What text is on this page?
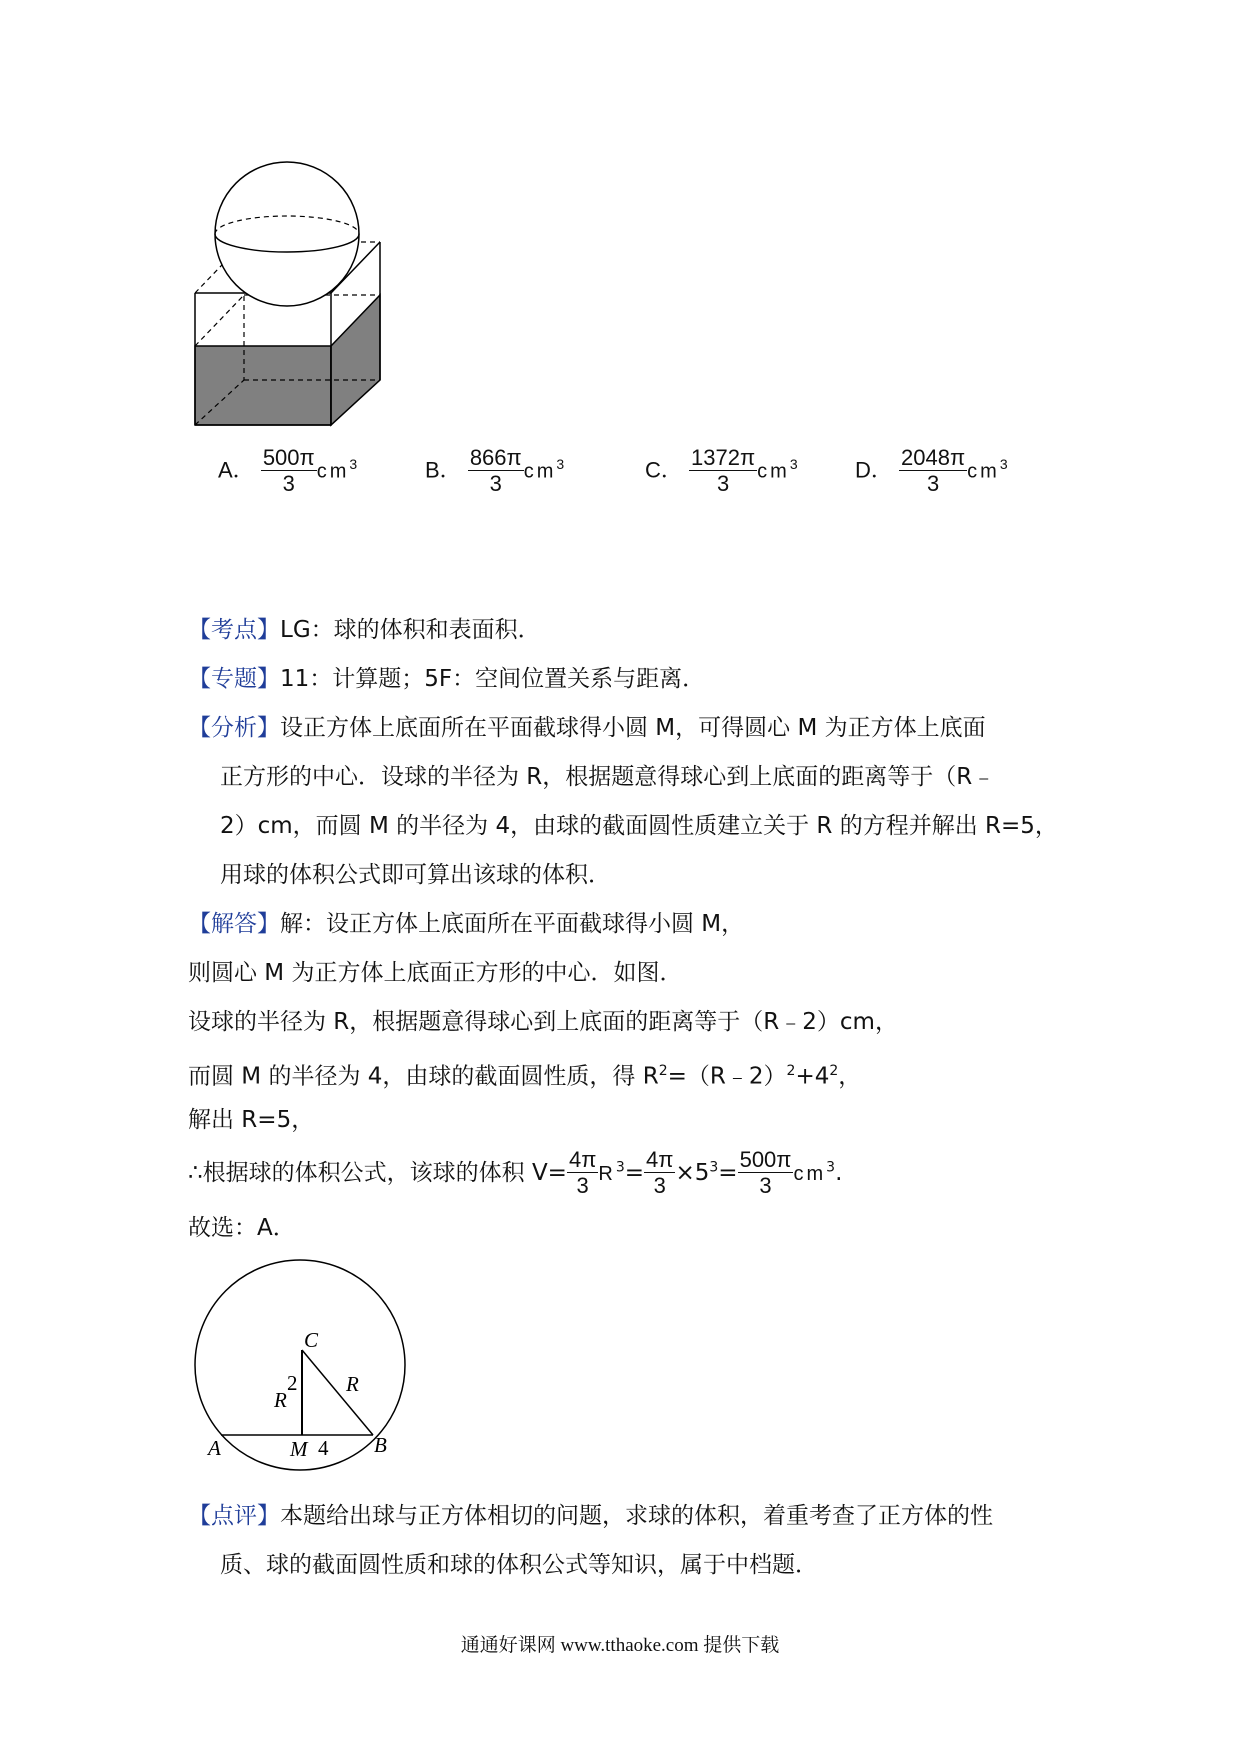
A． $\frac{500\pi}{3} cm^3$	B． $\frac{866\pi}{3} cm^3$	C． $\frac{1372\pi}{3} cm^3$	D． $\frac{2048\pi}{3} cm^3$
【考点】LG：球的体积和表面积．
【专题】11：计算题；5F：空间位置关系与距离．
【分析】设正方体上底面所在平面截球得小圆 M，可得圆心 M 为正方体上底面
正方形的中心．设球的半径为 R，根据题意得球心到上底面的距离等于（R﹣
2）cm，而圆 M 的半径为 4，由球的截面圆性质建立关于 R 的方程并解出 R=5，
用球的体积公式即可算出该球的体积．
【解答】解：设正方体上底面所在平面截球得小圆 M，
则圆心 M 为正方体上底面正方形的中心．如图．
设球的半径为 R，根据题意得球心到上底面的距离等于（R﹣2）cm，
而圆 M 的半径为 4，由球的截面圆性质，得 $R^2=(R﹣2)^2+4^2$，
解出 R=5，
∴根据球的体积公式，该球的体积 $V= \frac{4\pi}{3} R^3= \frac{4\pi}{3} \times 5^3= \frac{500\pi}{3} cm^3$.
故选：A．
C
R
2 R
A	M 4 B
【点评】本题给出球与正方体相切的问题，求球的体积，着重考查了正方体的性
质、球的截面圆性质和球的体积公式等知识，属于中档题．
通通好课网 www.tthaoke.com 提供下载
